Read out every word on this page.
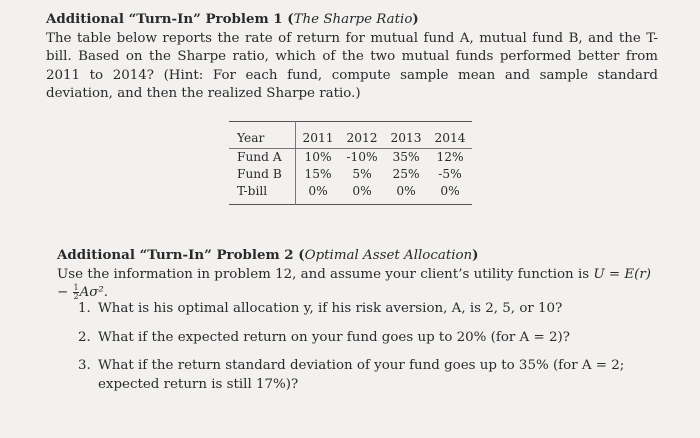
Additional “Turn-In” Problem 1 (The Sharpe Ratio)
The table below reports the rate of return for mutual fund A, mutual fund B, and the T-bill. Based on the Sharpe ratio, which of the two mutual funds performed better from 2011 to 2014? (Hint: For each fund, compute sample mean and sample standard deviation, and then the realized Sharpe ratio.)
Year	2011	2012	2013	2014
Fund A	10%	-10%	35%	12%
Fund B	15%	5%	25%	-5%
T-bill	0%	0%	0%	0%
Additional “Turn-In” Problem 2 (Optimal Asset Allocation)
Use the information in problem 12, and assume your client’s utility function is $U = E(r) - \frac{1}{2} A\sigma^2$.
1. What is his optimal allocation y, if his risk aversion, A, is 2, 5, or 10?
2. What if the expected return on your fund goes up to 20% (for A = 2)?
3. What if the return standard deviation of your fund goes up to 35% (for A = 2; expected return is still 17%)?
